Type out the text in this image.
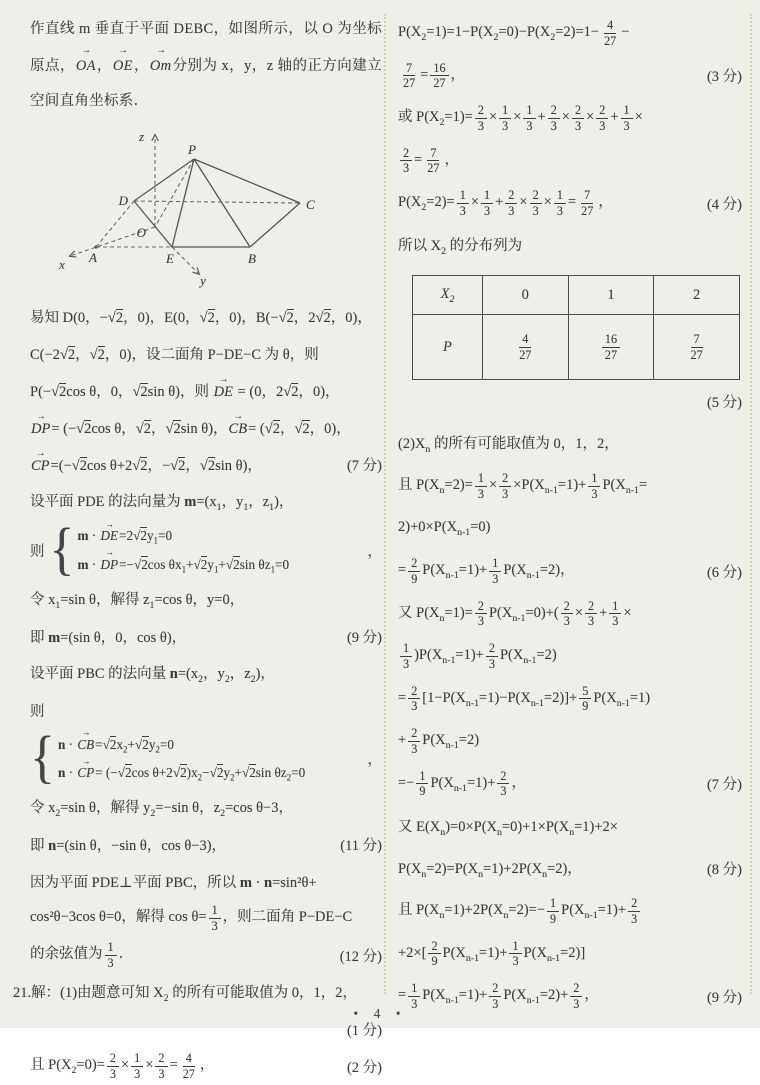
作直线 m 垂直于平面 DEBC，如图所示，以 O 为坐标原点，OA →，OE →，Om →分别为 x，y，z 轴的正方向建立空间直角坐标系．
z
P
D	C
O
A	E	B
x
y
易知 D(0，−√2，0)，E(0，√2，0)，B(−√2，2√2，0)，
C(−2√2，√2，0)，设二面角 P−DE−C 为 θ，则
P(−√2cos θ，0，√2sin θ)，则 DE → = (0，2√2，0)，
DP →= (−√2cos θ，√2，√2sin θ)，CB →= (√2，√2，0)，
CP →=(−√2cos θ+2√2，−√2，√2sin θ)，	(7 分)
设平面 PDE 的法向量为 $m=(x_1$，$y_1$，$z_1$)，
则 { m · DE $\to=2√2y_1=0$
m · DP →=−√2cos $\theta x_1+√2y_1+√2\sin$ $\theta z_1=0$
，
令 $x_1=\sin$ θ，解得 $z_1=\cos$ θ，y=0，
即 m=(sin θ，0，cos θ)，	(9 分)
设平面 PBC 的法向量 $n=(x_2$，$y_2$，$z_2$)，
则
{ n · CB $\to=√2x_2+√2y_2=0$
n · CP →= (−√2cos $\theta+2√2)x_2-√2y_2+√2\sin$ $\theta z_2=0$
，
令 $x_2=\sin$ θ，解得 $y_2=-\sin$ θ，$z_2=\cos$ θ−3，
即 n=(sin θ，−sin θ，cos θ−3)，	(11 分)
因为平面 PDE⊥平面 PBC，所以 m · n=sin²θ+
cos²θ−3cos θ=0，解得 $\cos \theta= \frac{1}{3}$ ，则二面角 P−DE−C
的余弦值为 $\frac{1}{3}$ ．	(12 分)
21.解：(1)由题意可知 $X_2$ 的所有可能取值为 0，1，2，
(1 分)
且 $P(X_2=0)= \frac{2}{3} \times \frac{1}{3} \times \frac{2}{3} = \frac{4}{27}$ ，	(2 分)
$P(X_2=1)=1-P(X_2=0)-P(X_2=2)=1- \frac{4}{27}$ −
$\frac{7}{27} = \frac{16}{27}$ ，	(3 分)
或 $P(X_2=1)= \frac{2}{3} \times \frac{1}{3} \times \frac{1}{3} + \frac{2}{3} \times \frac{2}{3} \times \frac{2}{3} + \frac{1}{3}$ ×
$\frac{2}{3} = \frac{7}{27}$ ，
$P(X_2=2)= \frac{1}{3} \times \frac{1}{3} + \frac{2}{3} \times \frac{2}{3} \times \frac{1}{3} = \frac{7}{27}$ ，	(4 分)
所以 $X_2$ 的分布列为
$X_2$	0	1	2
P	$\frac{4}{27}$	$\frac{16}{27}$	$\frac{7}{27}$
(5 分)
$(2)X_n$ 的所有可能取值为 0，1，2，
且 $P(X_n=2)= \frac{1}{3} \times \frac{2}{3} \times P(X_{n-1}=1)+ \frac{1}{3} P(X_{n-1}=$
$2)+0\times P(X_{n-1}=0)$
= $\frac{2}{9} P(X_{n-1}=1)+ \frac{1}{3} P(X_{n-1}=2)$，	(6 分)
又 $P(X_n=1)= \frac{2}{3} P(X_{n-1}=0)+( \frac{2}{3} \times \frac{2}{3} + \frac{1}{3}$ ×
$\frac{1}{3} )P(X_{n-1}=1)+ \frac{2}{3} P(X_{n-1}=2)$
= $\frac{2}{3} [1-P(X_{n-1}=1)-P(X_{n-1}=2)]+ \frac{5}{9} P(X_{n-1}=1)$
+ $\frac{2}{3} P(X_{n-1}=2)$
=− $\frac{1}{9} P(X_{n-1}=1)+ \frac{2}{3}$ ，	(7 分)
又 $E(X_n)=0\times P(X_n=0)+1\times P(X_n=1)+2\times$
$P(X_n=2)=P(X_n=1)+2P(X_n=2)$，	(8 分)
且 $P(X_n=1)+2P(X_n=2)=- \frac{1}{9} P(X_{n-1}=1)+ \frac{2}{3}$
$+2\times[ \frac{2}{9} P(X_{n-1}=1)+ \frac{1}{3} P(X_{n-1}=2)]$
= $\frac{1}{3} P(X_{n-1}=1)+ \frac{2}{3} P(X_{n-1}=2)+ \frac{2}{3}$ ，	(9 分)
• 4 •
